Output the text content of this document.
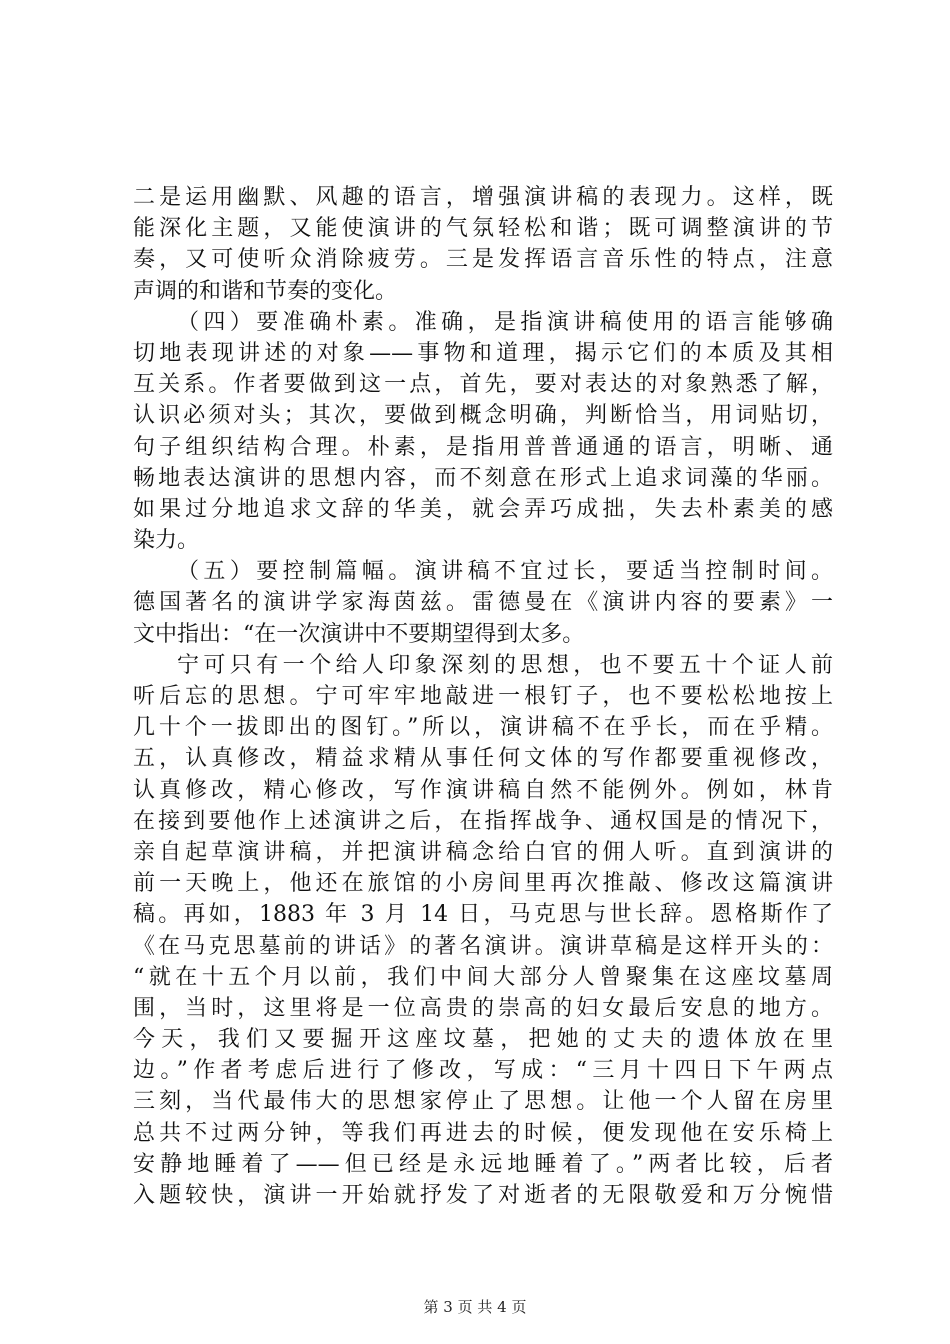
二是运用幽默、风趣的语言，增强演讲稿的表现力。这样，既
能深化主题，又能使演讲的气氛轻松和谐；既可调整演讲的节
奏，又可使听众消除疲劳。三是发挥语言音乐性的特点，注意
声调的和谐和节奏的变化。
（四）要准确朴素。准确，是指演讲稿使用的语言能够确
切地表现讲述的对象——事物和道理，揭示它们的本质及其相
互关系。作者要做到这一点，首先，要对表达的对象熟悉了解，
认识必须对头；其次，要做到概念明确，判断恰当，用词贴切，
句子组织结构合理。朴素，是指用普普通通的语言，明晰、通
畅地表达演讲的思想内容，而不刻意在形式上追求词藻的华丽。
如果过分地追求文辞的华美，就会弄巧成拙，失去朴素美的感
染力。
（五）要控制篇幅。演讲稿不宜过长，要适当控制时间。
德国著名的演讲学家海茵兹。雷德曼在《演讲内容的要素》一
文中指出：“在一次演讲中不要期望得到太多。
宁可只有一个给人印象深刻的思想，也不要五十个证人前
听后忘的思想。宁可牢牢地敲进一根钉子，也不要松松地按上
几十个一拔即出的图钉。”所以，演讲稿不在乎长，而在乎精。
五，认真修改，精益求精从事任何文体的写作都要重视修改，
认真修改，精心修改，写作演讲稿自然不能例外。例如，林肯
在接到要他作上述演讲之后，在指挥战争、通权国是的情况下，
亲自起草演讲稿，并把演讲稿念给白官的佣人听。直到演讲的
前一天晚上，他还在旅馆的小房间里再次推敲、修改这篇演讲
稿。再如，1883 年 3 月 14 日，马克思与世长辞。恩格斯作了
《在马克思墓前的讲话》的著名演讲。演讲草稿是这样开头的：
“就在十五个月以前，我们中间大部分人曾聚集在这座坟墓周
围，当时，这里将是一位高贵的崇高的妇女最后安息的地方。
今天，我们又要掘开这座坟墓，把她的丈夫的遗体放在里
边。”作者考虑后进行了修改，写成：“三月十四日下午两点
三刻，当代最伟大的思想家停止了思想。让他一个人留在房里
总共不过两分钟，等我们再进去的时候，便发现他在安乐椅上
安静地睡着了——但已经是永远地睡着了。”两者比较，后者
入题较快，演讲一开始就抒发了对逝者的无限敬爱和万分惋惜
第 3 页 共 4 页
